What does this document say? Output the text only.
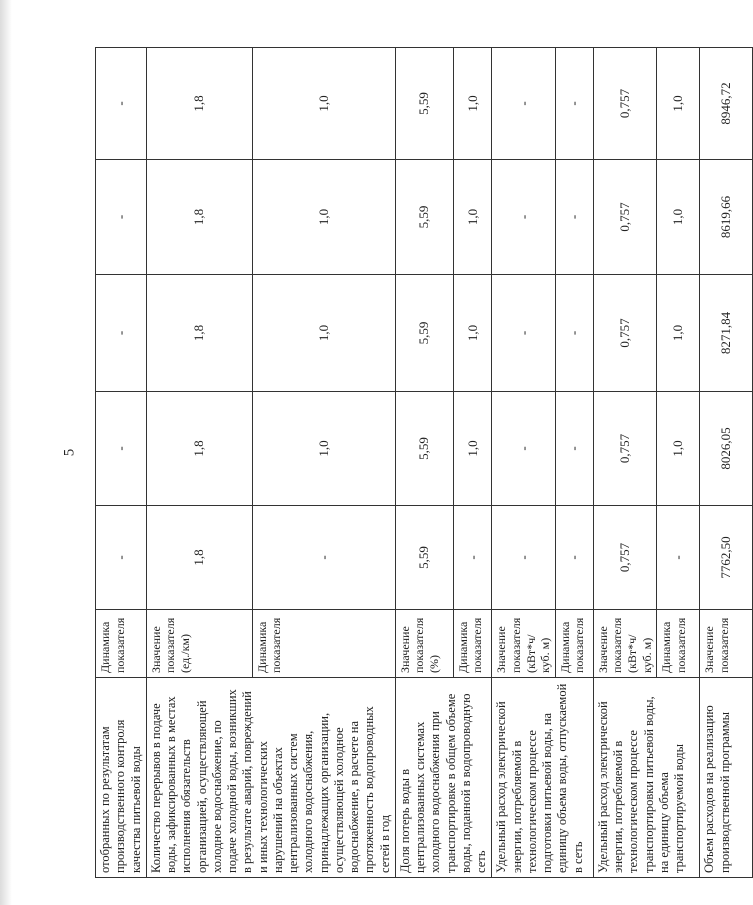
5
отобранных по результатам производственного контроля качества питьевой воды	Динамика показателя	-	-	-	-	-
Количество перерывов в подаче воды, зафиксированных в местах исполнения обязательств организацией, осуществляющей холодное водоснабжение, по подаче холодной воды, возникших в результате аварий, повреждений и иных технологических нарушений на объектах централизованных систем холодного водоснабжения, принадлежащих организации, осуществляющей холодное водоснабжение, в расчете на протяженность водопроводных сетей в год	Значение показателя (ед./км)	1,8	1,8	1,8	1,8	1,8
	Динамика показателя	-	1,0	1,0	1,0	1,0
Доля потерь воды в централизованных системах холодного водоснабжения при транспортировке в общем объеме воды, поданной в водопроводную сеть	Значение показателя (%)	5,59	5,59	5,59	5,59	5,59
	Динамика показателя	-	1,0	1,0	1,0	1,0
Удельный расход электрической энергии, потребляемой в технологическом процессе подготовки питьевой воды, на единицу объема воды, отпускаемой в сеть	Значение показателя (кВт*ч/куб. м)	-	-	-	-	-
	Динамика показателя	-	-	-	-	-
Удельный расход электрической энергии, потребляемой в технологическом процессе транспортировки питьевой воды, на единицу объема транспортируемой воды	Значение показателя (кВт*ч/куб. м)	0,757	0,757	0,757	0,757	0,757
	Динамика показателя	-	1,0	1,0	1,0	1,0
Объем расходов на реализацию производственной программы	Значение показателя	7762,50	8026,05	8271,84	8619,66	8946,72
